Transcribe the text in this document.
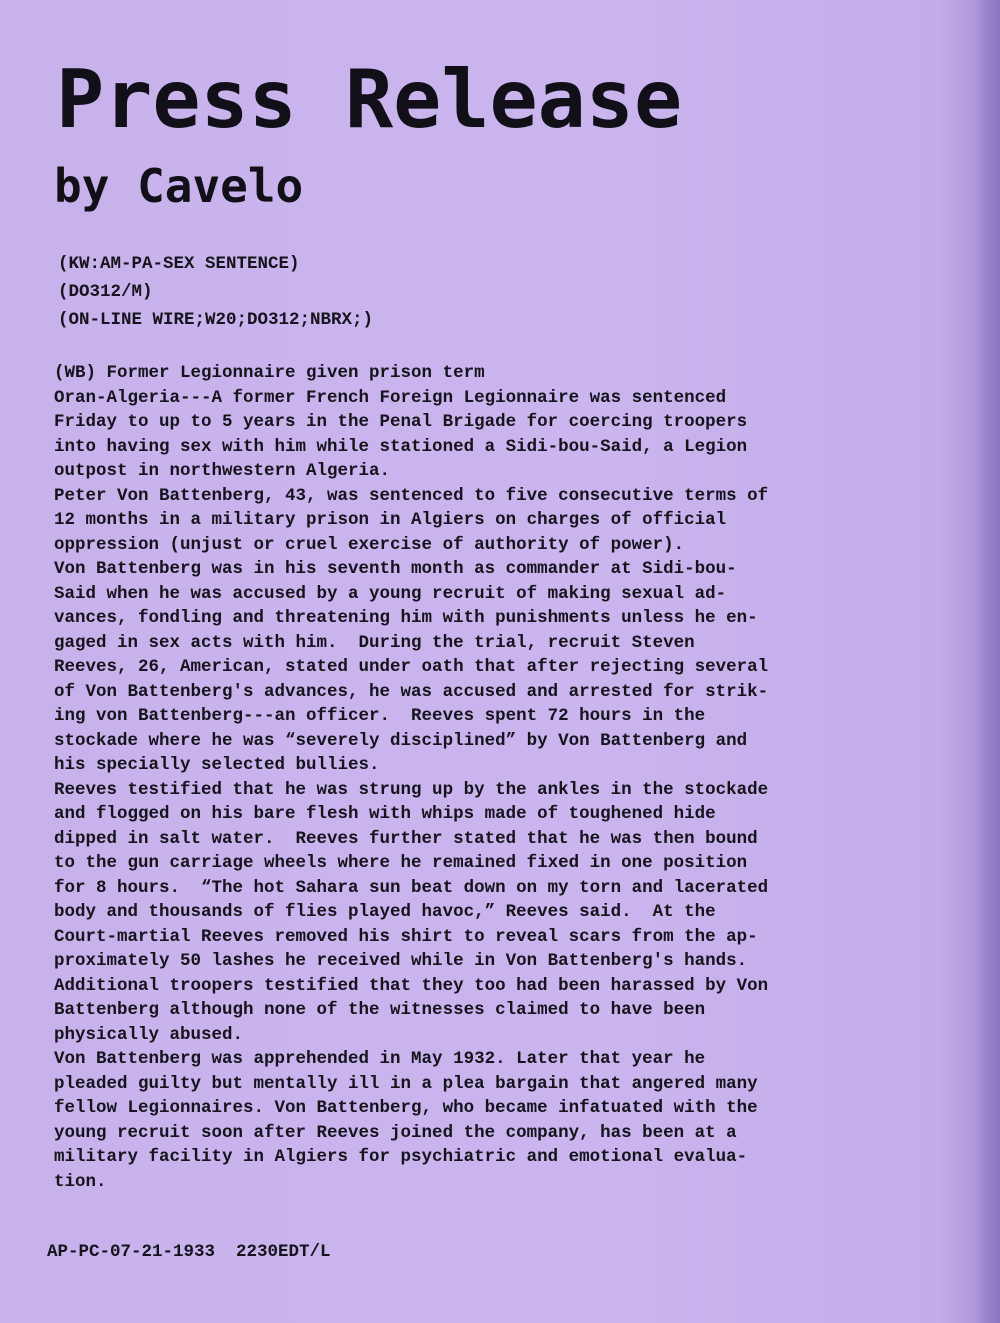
Press Release
by Cavelo
(KW:AM-PA-SEX SENTENCE)
(DO312/M)
(ON-LINE WIRE;W20;DO312;NBRX;)
(WB) Former Legionnaire given prison term
Oran-Algeria---A former French Foreign Legionnaire was sentenced
Friday to up to 5 years in the Penal Brigade for coercing troopers
into having sex with him while stationed a Sidi-bou-Said, a Legion
outpost in northwestern Algeria.
Peter Von Battenberg, 43, was sentenced to five consecutive terms of
12 months in a military prison in Algiers on charges of official
oppression (unjust or cruel exercise of authority of power).
Von Battenberg was in his seventh month as commander at Sidi-bou-
Said when he was accused by a young recruit of making sexual ad-
vances, fondling and threatening him with punishments unless he en-
gaged in sex acts with him.  During the trial, recruit Steven
Reeves, 26, American, stated under oath that after rejecting several
of Von Battenberg's advances, he was accused and arrested for strik-
ing von Battenberg---an officer.  Reeves spent 72 hours in the
stockade where he was “severely disciplined” by Von Battenberg and
his specially selected bullies.
Reeves testified that he was strung up by the ankles in the stockade
and flogged on his bare flesh with whips made of toughened hide
dipped in salt water.  Reeves further stated that he was then bound
to the gun carriage wheels where he remained fixed in one position
for 8 hours.  “The hot Sahara sun beat down on my torn and lacerated
body and thousands of flies played havoc,” Reeves said.  At the
Court-martial Reeves removed his shirt to reveal scars from the ap-
proximately 50 lashes he received while in Von Battenberg's hands.
Additional troopers testified that they too had been harassed by Von
Battenberg although none of the witnesses claimed to have been
physically abused.
Von Battenberg was apprehended in May 1932. Later that year he
pleaded guilty but mentally ill in a plea bargain that angered many
fellow Legionnaires. Von Battenberg, who became infatuated with the
young recruit soon after Reeves joined the company, has been at a
military facility in Algiers for psychiatric and emotional evalua-
tion.
AP-PC-07-21-1933  2230EDT/L
